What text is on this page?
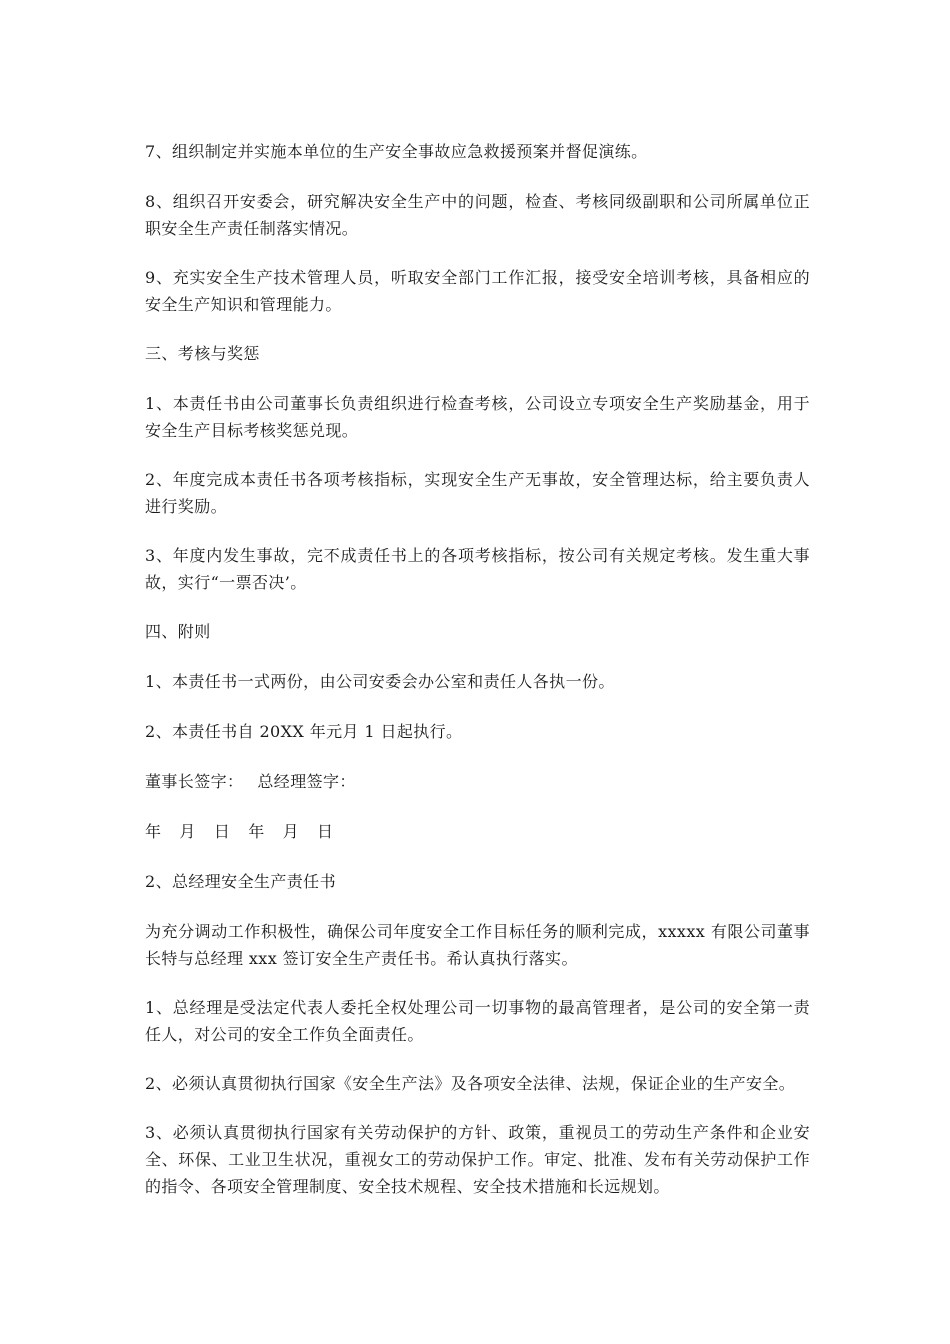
7、组织制定并实施本单位的生产安全事故应急救援预案并督促演练。

8、组织召开安委会，研究解决安全生产中的问题，检查、考核同级副职和公司所属单位正职安全生产责任制落实情况。

9、充实安全生产技术管理人员，听取安全部门工作汇报，接受安全培训考核，具备相应的安全生产知识和管理能力。

三、考核与奖惩

1、本责任书由公司董事长负责组织进行检查考核，公司设立专项安全生产奖励基金，用于安全生产目标考核奖惩兑现。

2、年度完成本责任书各项考核指标，实现安全生产无事故，安全管理达标，给主要负责人进行奖励。

3、年度内发生事故，完不成责任书上的各项考核指标，按公司有关规定考核。发生重大事故，实行“一票否决’。

四、附则

1、本责任书一式两份，由公司安委会办公室和责任人各执一份。

2、本责任书自 20XX 年元月 1 日起执行。

董事长签字： 总经理签字：

年 月 日 年 月 日

2、总经理安全生产责任书

为充分调动工作积极性，确保公司年度安全工作目标任务的顺利完成，xxxxx 有限公司董事长特与总经理 xxx 签订安全生产责任书。希认真执行落实。

1、总经理是受法定代表人委托全权处理公司一切事物的最高管理者，是公司的安全第一责任人，对公司的安全工作负全面责任。

2、必须认真贯彻执行国家《安全生产法》及各项安全法律、法规，保证企业的生产安全。

3、必须认真贯彻执行国家有关劳动保护的方针、政策，重视员工的劳动生产条件和企业安全、环保、工业卫生状况，重视女工的劳动保护工作。审定、批准、发布有关劳动保护工作的指令、各项安全管理制度、安全技术规程、安全技术措施和长远规划。
